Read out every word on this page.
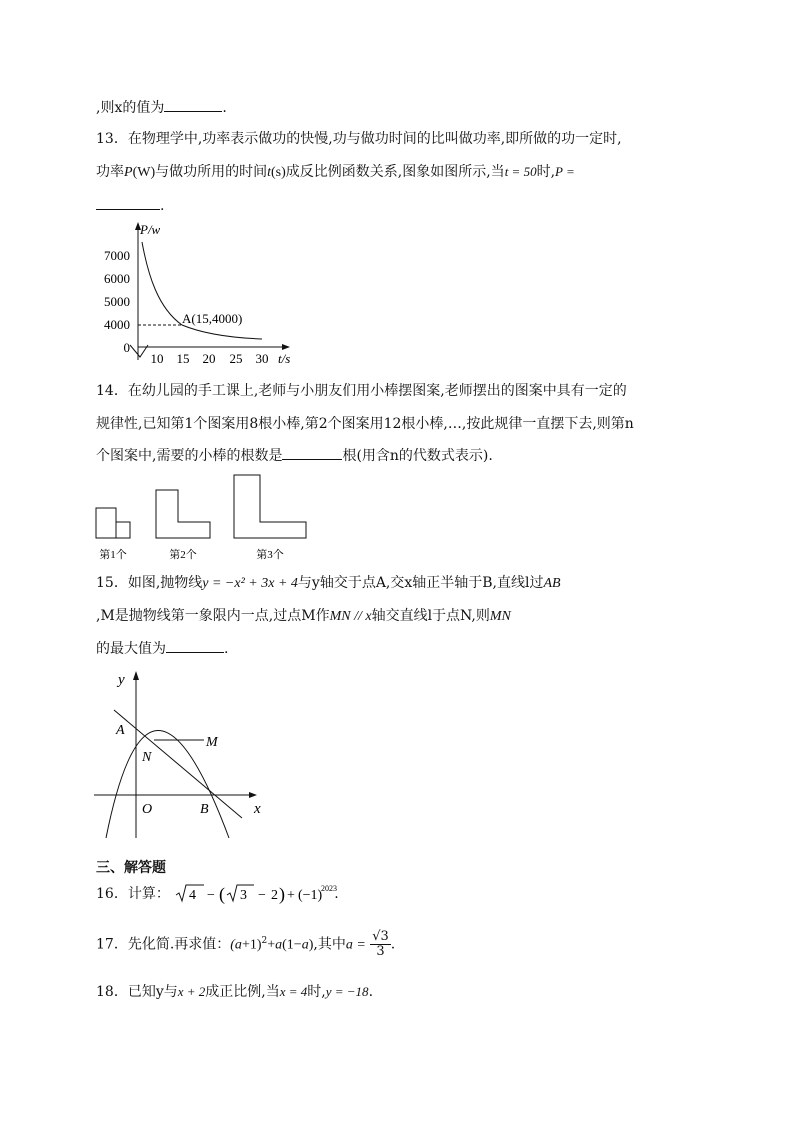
,则x的值为	.
13．在物理学中,功率表示做功的快慢,功与做功时间的比叫做功率,即所做的功一定时,
功率P(W)与做功所用的时间t(s)成反比例函数关系,图象如图所示,当t = 50时,P =
.
P/w
t/s
7000
6000
5000
4000
0
10 15 20 25 30
A(15,4000)
14．在幼儿园的手工课上,老师与小朋友们用小棒摆图案,老师摆出的图案中具有一定的
规律性,已知第1个图案用8根小棒,第2个图案用12根小棒,…,按此规律一直摆下去,则第n
个图案中,需要的小棒的根数是	根(用含n的代数式表示).
第1个	第2个	第3个
15．如图,抛物线y = −x² + 3x + 4与y轴交于点A,交x轴正半轴于B,直线l过AB
,M是抛物线第一象限内一点,过点M作MN // x轴交直线l于点N,则MN
的最大值为	.
y
x
A
M
N
O	B
三、解答题
16．计算： 4 − ( 3 − 2 ) + (−1)
2023
.
17．先化简.再求值：$(a+1)^2+a(1-a)$,其中$a = \frac{√3}{3}$ .
18．已知y与x + 2成正比例,当x = 4时,y = −18.
